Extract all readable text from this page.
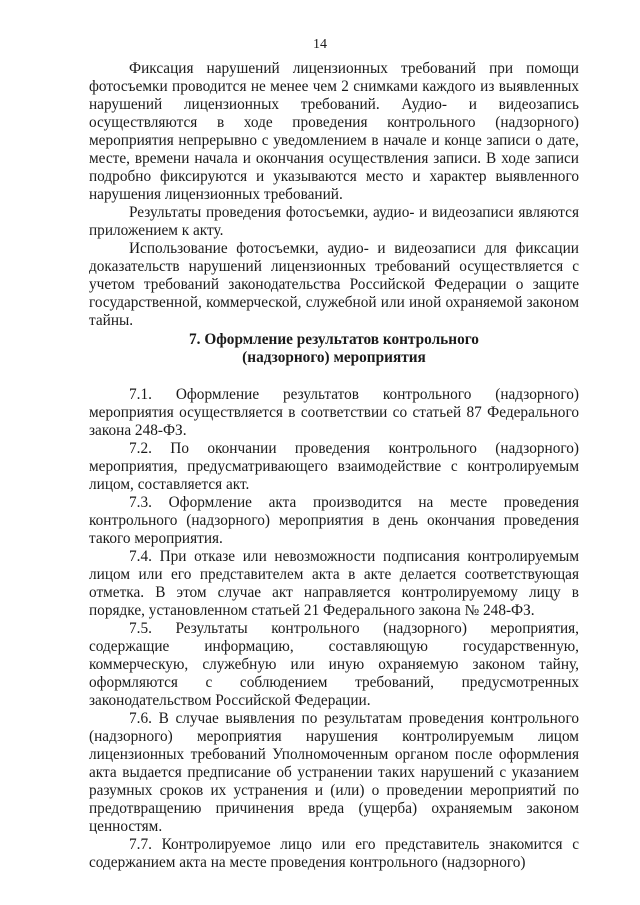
14

Фиксация нарушений лицензионных требований при помощи фотосъемки проводится не менее чем 2 снимками каждого из выявленных нарушений лицензионных требований. Аудио- и видеозапись осуществляются в ходе проведения контрольного (надзорного) мероприятия непрерывно с уведомлением в начале и конце записи о дате, месте, времени начала и окончания осуществления записи. В ходе записи подробно фиксируются и указываются место и характер выявленного нарушения лицензионных требований.

Результаты проведения фотосъемки, аудио- и видеозаписи являются приложением к акту.

Использование фотосъемки, аудио- и видеозаписи для фиксации доказательств нарушений лицензионных требований осуществляется с учетом требований законодательства Российской Федерации о защите государственной, коммерческой, служебной или иной охраняемой законом тайны.

7. Оформление результатов контрольного
(надзорного) мероприятия

7.1. Оформление результатов контрольного (надзорного) мероприятия осуществляется в соответствии со статьей 87 Федерального закона 248-ФЗ.

7.2. По окончании проведения контрольного (надзорного) мероприятия, предусматривающего взаимодействие с контролируемым лицом, составляется акт.

7.3. Оформление акта производится на месте проведения контрольного (надзорного) мероприятия в день окончания проведения такого мероприятия.

7.4. При отказе или невозможности подписания контролируемым лицом или его представителем акта в акте делается соответствующая отметка. В этом случае акт направляется контролируемому лицу в порядке, установленном статьей 21 Федерального закона № 248-ФЗ.

7.5. Результаты контрольного (надзорного) мероприятия, содержащие информацию, составляющую государственную, коммерческую, служебную или иную охраняемую законом тайну, оформляются с соблюдением требований, предусмотренных законодательством Российской Федерации.

7.6. В случае выявления по результатам проведения контрольного (надзорного) мероприятия нарушения контролируемым лицом лицензионных требований Уполномоченным органом после оформления акта выдается предписание об устранении таких нарушений с указанием разумных сроков их устранения и (или) о проведении мероприятий по предотвращению причинения вреда (ущерба) охраняемым законом ценностям.

7.7. Контролируемое лицо или его представитель знакомится с содержанием акта на месте проведения контрольного (надзорного)
